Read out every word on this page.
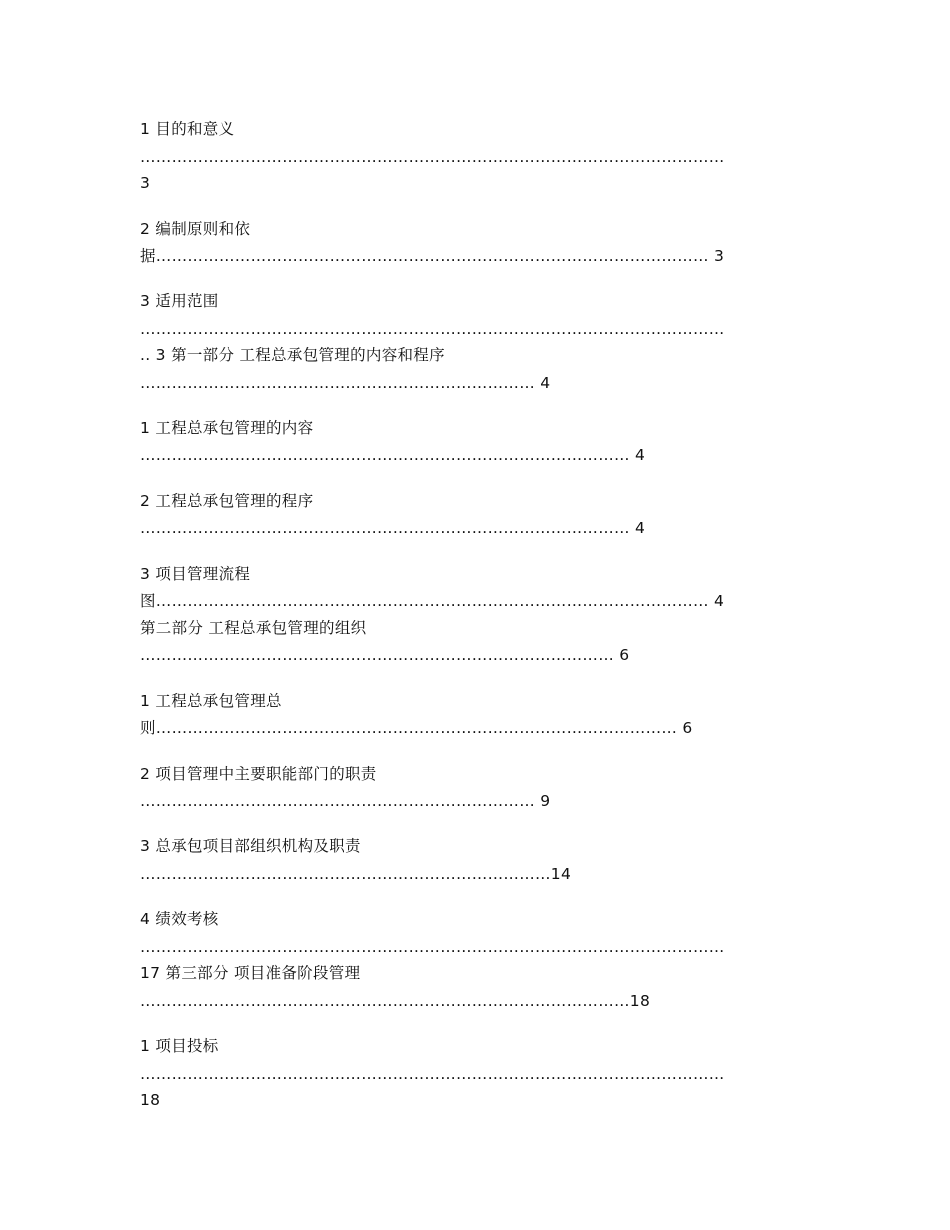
1 目的和意义
…………………………………………………………………………………………………
3
2 编制原则和依
据…………………………………………………………………………………………… 3
3 适用范围
…………………………………………………………………………………………………
.. 3 第一部分 工程总承包管理的内容和程序
………………………………………………………………… 4
1 工程总承包管理的内容
………………………………………………………………………………… 4
2 工程总承包管理的程序
………………………………………………………………………………… 4
3 项目管理流程
图…………………………………………………………………………………………… 4
第二部分 工程总承包管理的组织
……………………………………………………………………………… 6
1 工程总承包管理总
则……………………………………………………………………………………… 6
2 项目管理中主要职能部门的职责
………………………………………………………………… 9
3 总承包项目部组织机构及职责
……………………………………………………………………14
4 绩效考核
…………………………………………………………………………………………………
17 第三部分 项目准备阶段管理
…………………………………………………………………………………18
1 项目投标
…………………………………………………………………………………………………
18
